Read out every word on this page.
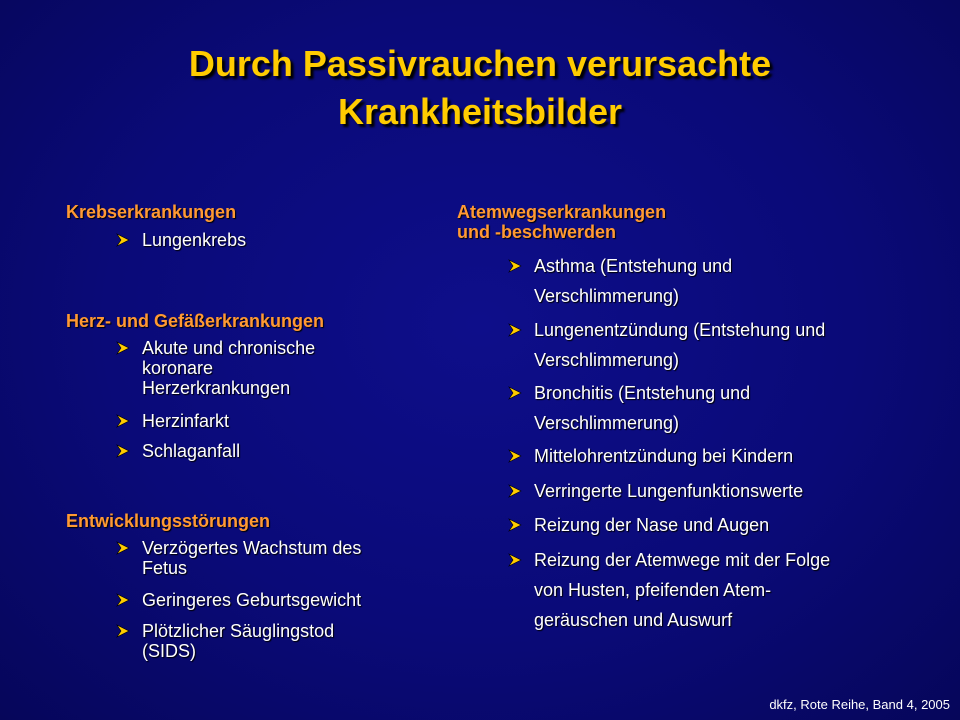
Durch Passivrauchen verursachte
Krankheitsbilder
Krebserkrankungen
Lungenkrebs
Herz- und Gefäßerkrankungen
Akute und chronische
koronare
Herzerkrankungen
Herzinfarkt
Schlaganfall
Entwicklungsstörungen
Verzögertes Wachstum des
Fetus
Geringeres Geburtsgewicht
Plötzlicher Säuglingstod
(SIDS)
Atemwegserkrankungen
und -beschwerden
Asthma (Entstehung und
Verschlimmerung)
Lungenentzündung (Entstehung und
Verschlimmerung)
Bronchitis (Entstehung und
Verschlimmerung)
Mittelohrentzündung bei Kindern
Verringerte Lungenfunktionswerte
Reizung der Nase und Augen
Reizung der Atemwege mit der Folge
von Husten, pfeifenden Atem-
geräuschen und Auswurf
dkfz, Rote Reihe, Band 4, 2005
